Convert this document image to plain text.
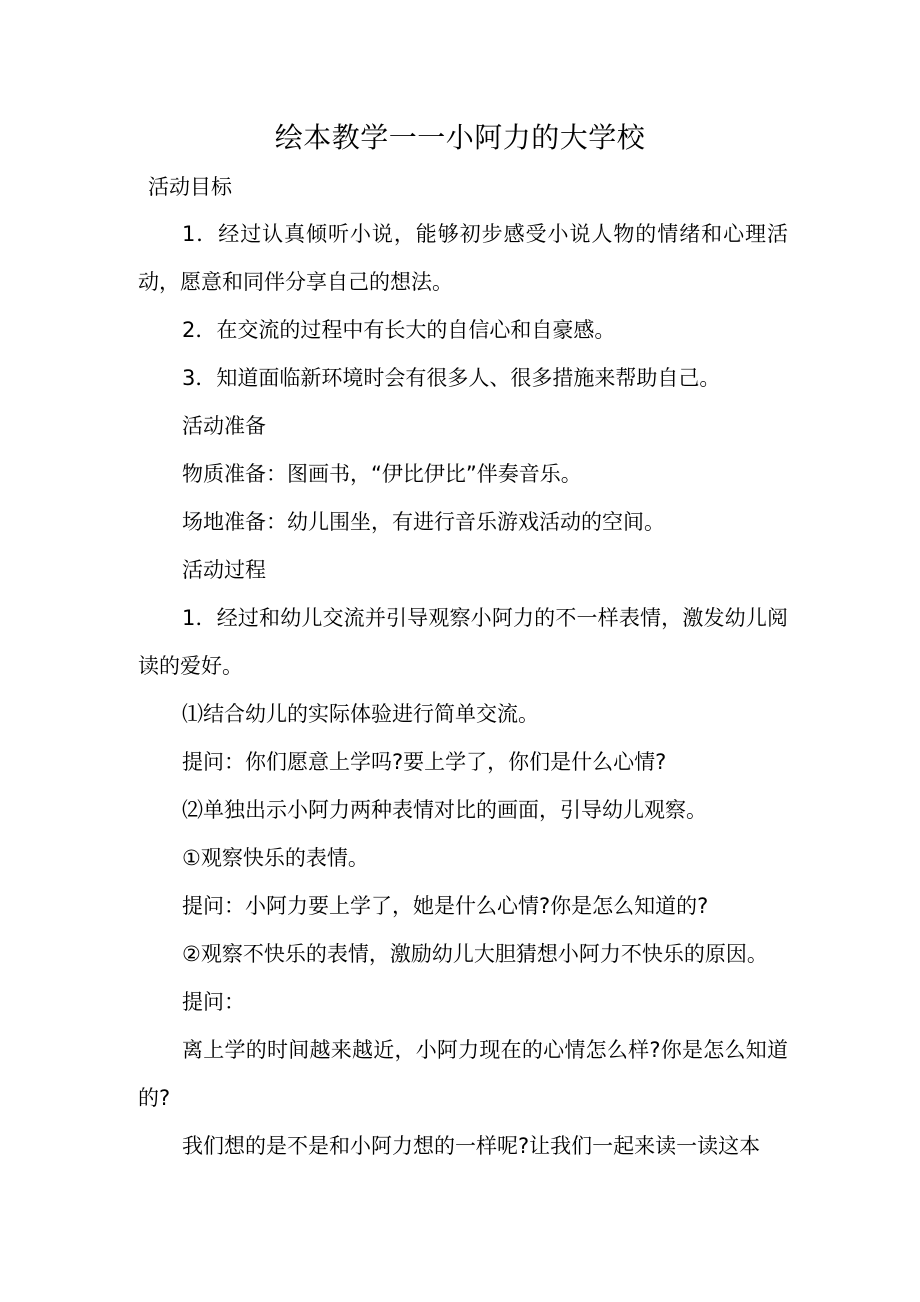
绘本教学一一小阿力的大学校

活动目标

1．经过认真倾听小说，能够初步感受小说人物的情绪和心理活动，愿意和同伴分享自己的想法。

2．在交流的过程中有长大的自信心和自豪感。

3．知道面临新环境时会有很多人、很多措施来帮助自己。

活动准备

物质准备：图画书，“伊比伊比”伴奏音乐。

场地准备：幼儿围坐，有进行音乐游戏活动的空间。

活动过程

1．经过和幼儿交流并引导观察小阿力的不一样表情，激发幼儿阅读的爱好。

⑴结合幼儿的实际体验进行简单交流。

提问：你们愿意上学吗?要上学了，你们是什么心情?

⑵单独出示小阿力两种表情对比的画面，引导幼儿观察。

①观察快乐的表情。

提问：小阿力要上学了，她是什么心情?你是怎么知道的?

②观察不快乐的表情，激励幼儿大胆猜想小阿力不快乐的原因。

提问：

离上学的时间越来越近，小阿力现在的心情怎么样?你是怎么知道的?

我们想的是不是和小阿力想的一样呢?让我们一起来读一读这本
